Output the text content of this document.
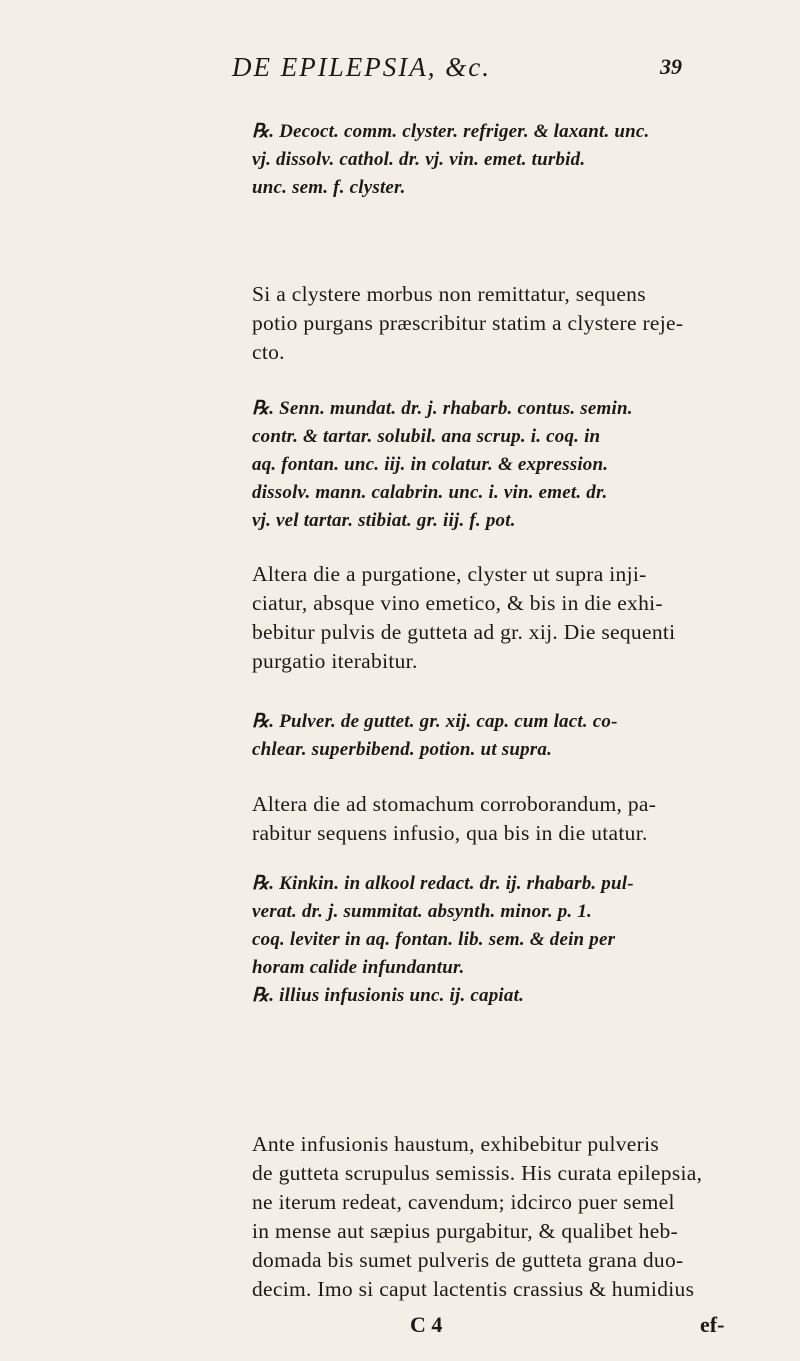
DE EPILEPSIA, &c.	39
℞. Decoct. comm. clyster. refriger. & laxant. unc.
vj. dissolv. cathol. dr. vj. vin. emet. turbid.
unc. sem. f. clyster.
Si a clystere morbus non remittatur, sequens
potio purgans præscribitur statim a clystere reje-
cto.
℞. Senn. mundat. dr. j. rhabarb. contus. semin.
contr. & tartar. solubil. ana scrup. i. coq. in
aq. fontan. unc. iij. in colatur. & expression.
dissolv. mann. calabrin. unc. i. vin. emet. dr.
vj. vel tartar. stibiat. gr. iij. f. pot.
Altera die a purgatione, clyster ut supra inji-
ciatur, absque vino emetico, & bis in die exhi-
bebitur pulvis de gutteta ad gr. xij. Die sequenti
purgatio iterabitur.
℞. Pulver. de guttet. gr. xij. cap. cum lact. co-
chlear. superbibend. potion. ut supra.
Altera die ad stomachum corroborandum, pa-
rabitur sequens infusio, qua bis in die utatur.
℞. Kinkin. in alkool redact. dr. ij. rhabarb. pul-
verat. dr. j. summitat. absynth. minor. p. 1.
coq. leviter in aq. fontan. lib. sem. & dein per
horam calide infundantur.
℞. illius infusionis unc. ij. capiat.
Ante infusionis haustum, exhibebitur pulveris
de gutteta scrupulus semissis. His curata epilepsia,
ne iterum redeat, cavendum; idcirco puer semel
in mense aut sæpius purgabitur, & qualibet heb-
domada bis sumet pulveris de gutteta grana duo-
decim. Imo si caput lactentis crassius & humidius
C 4	ef-
